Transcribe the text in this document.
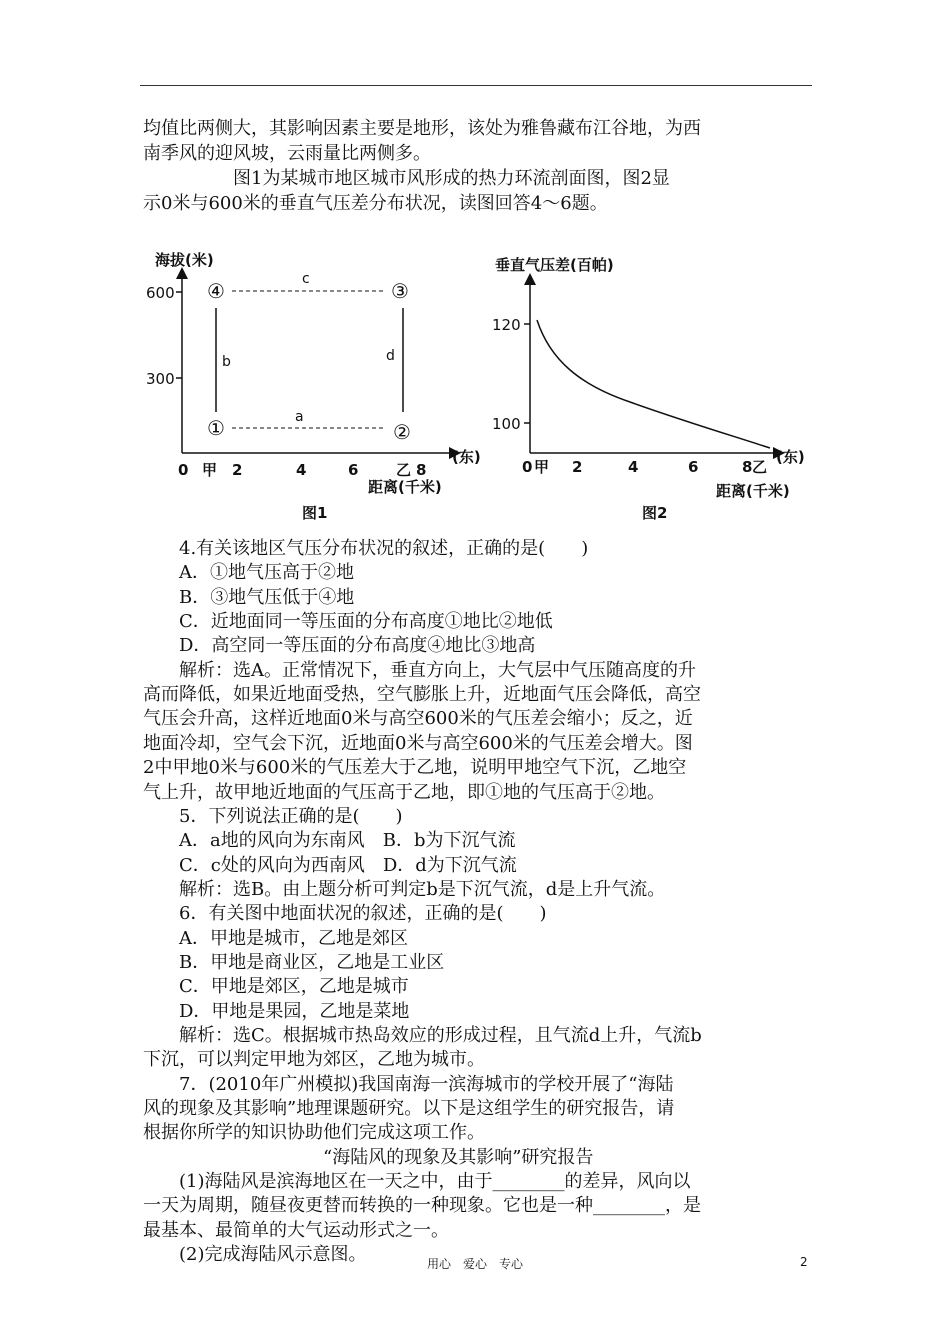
均值比两侧大，其影响因素主要是地形，该处为雅鲁藏布江谷地，为西
南季风的迎风坡，云雨量比两侧多。
　　　　　图1为某城市地区城市风形成的热力环流剖面图，图2显
示0米与600米的垂直气压差分布状况，读图回答4～6题。
海拔(米)
600
300
0 甲 2	4	6	乙 8
(东)
距离(千米)
图1
④	③
①	②
c
a
b	d
垂直气压差(百帕)
120
100
0 甲 2	4	6	8 乙
(东)
距离(千米)
图2
　　4.有关该地区气压分布状况的叙述，正确的是(　　)
　　A．①地气压高于②地
　　B．③地气压低于④地
　　C．近地面同一等压面的分布高度①地比②地低
　　D．高空同一等压面的分布高度④地比③地高
　　解析：选A。正常情况下，垂直方向上，大气层中气压随高度的升
高而降低，如果近地面受热，空气膨胀上升，近地面气压会降低，高空
气压会升高，这样近地面0米与高空600米的气压差会缩小；反之，近
地面冷却，空气会下沉，近地面0米与高空600米的气压差会增大。图
2中甲地0米与600米的气压差大于乙地，说明甲地空气下沉，乙地空
气上升，故甲地近地面的气压高于乙地，即①地的气压高于②地。
　　5．下列说法正确的是(　　)
　　A．a地的风向为东南风　B．b为下沉气流
　　C．c处的风向为西南风　D．d为下沉气流
　　解析：选B。由上题分析可判定b是下沉气流，d是上升气流。
　　6．有关图中地面状况的叙述，正确的是(　　)
　　A．甲地是城市，乙地是郊区
　　B．甲地是商业区，乙地是工业区
　　C．甲地是郊区，乙地是城市
　　D．甲地是果园，乙地是菜地
　　解析：选C。根据城市热岛效应的形成过程，且气流d上升，气流b
下沉，可以判定甲地为郊区，乙地为城市。
　　7．(2010年广州模拟)我国南海一滨海城市的学校开展了“海陆
风的现象及其影响”地理课题研究。以下是这组学生的研究报告，请
根据你所学的知识协助他们完成这项工作。
　　　　　　　　　　“海陆风的现象及其影响”研究报告
　　(1)海陆风是滨海地区在一天之中，由于________的差异，风向以
一天为周期，随昼夜更替而转换的一种现象。它也是一种________，是
最基本、最简单的大气运动形式之一。
　　(2)完成海陆风示意图。	用心　爱心　专心	2
